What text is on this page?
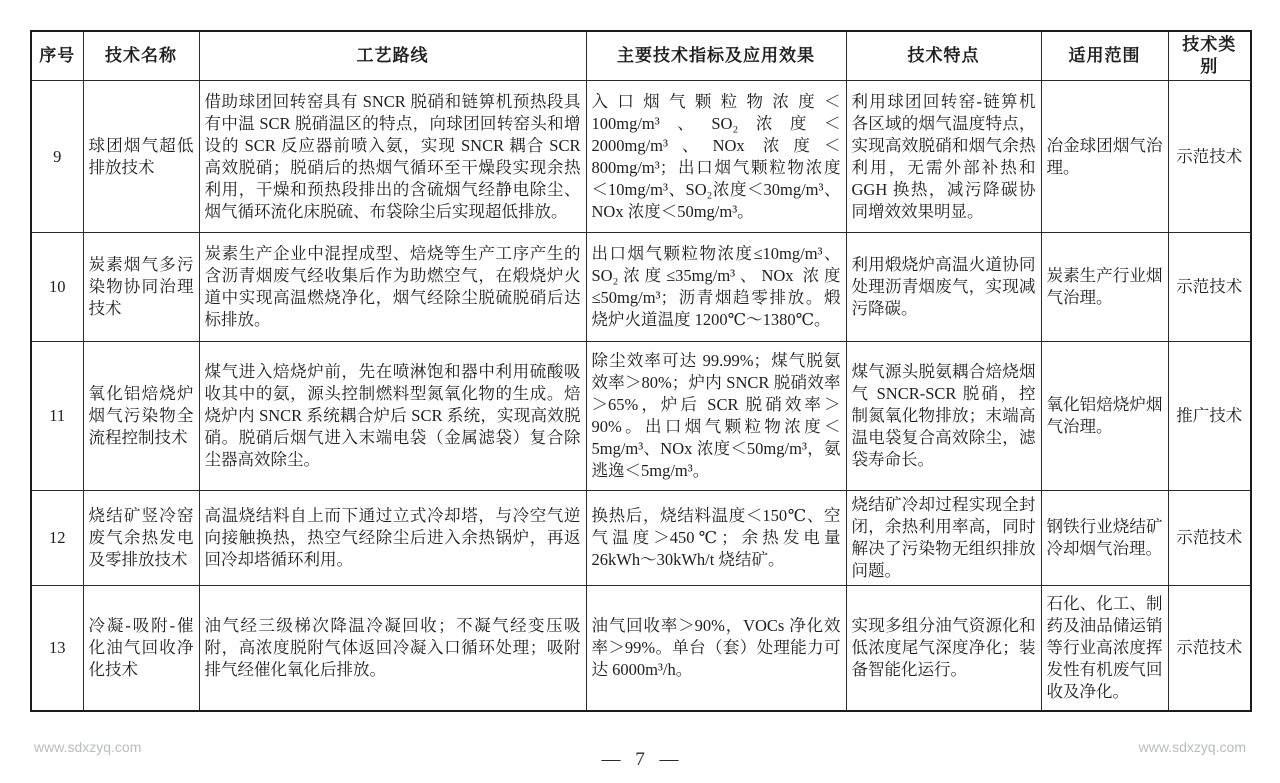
序号	技术名称	工艺路线	主要技术指标及应用效果	技术特点	适用范围	技术类别
9	球团烟气超低排放技术	借助球团回转窑具有 SNCR 脱硝和链箅机预热段具有中温 SCR 脱硝温区的特点，向球团回转窑头和增设的 SCR 反应器前喷入氨，实现 SNCR 耦合 SCR 高效脱硝；脱硝后的热烟气循环至干燥段实现余热利用，干燥和预热段排出的含硫烟气经静电除尘、烟气循环流化床脱硫、布袋除尘后实现超低排放。	入口烟气颗粒物浓度＜100mg/m³、SO₂浓度＜2000mg/m³、NOx 浓度＜800mg/m³；出口烟气颗粒物浓度＜10mg/m³、SO₂浓度＜30mg/m³、NOx 浓度＜50mg/m³。	利用球团回转窑-链箅机各区域的烟气温度特点，实现高效脱硝和烟气余热利用，无需外部补热和 GGH 换热，减污降碳协同增效效果明显。	冶金球团烟气治理。	示范技术
10	炭素烟气多污染物协同治理技术	炭素生产企业中混捏成型、焙烧等生产工序产生的含沥青烟废气经收集后作为助燃空气，在煅烧炉火道中实现高温燃烧净化，烟气经除尘脱硫脱硝后达标排放。	出口烟气颗粒物浓度≤10mg/m³、SO₂浓度≤35mg/m³、NOx 浓度≤50mg/m³；沥青烟趋零排放。煅烧炉火道温度 1200℃～1380℃。	利用煅烧炉高温火道协同处理沥青烟废气，实现减污降碳。	炭素生产行业烟气治理。	示范技术
11	氧化铝焙烧炉烟气污染物全流程控制技术	煤气进入焙烧炉前，先在喷淋饱和器中利用硫酸吸收其中的氨，源头控制燃料型氮氧化物的生成。焙烧炉内 SNCR 系统耦合炉后 SCR 系统，实现高效脱硝。脱硝后烟气进入末端电袋（金属滤袋）复合除尘器高效除尘。	除尘效率可达 99.99%；煤气脱氨效率＞80%；炉内 SNCR 脱硝效率＞65%，炉后 SCR 脱硝效率＞90%。出口烟气颗粒物浓度＜5mg/m³、NOx 浓度＜50mg/m³，氨逃逸＜5mg/m³。	煤气源头脱氨耦合焙烧烟气 SNCR-SCR 脱硝，控制氮氧化物排放；末端高温电袋复合高效除尘，滤袋寿命长。	氧化铝焙烧炉烟气治理。	推广技术
12	烧结矿竖冷窑废气余热发电及零排放技术	高温烧结料自上而下通过立式冷却塔，与冷空气逆向接触换热，热空气经除尘后进入余热锅炉，再返回冷却塔循环利用。	换热后，烧结料温度＜150℃、空气温度＞450℃；余热发电量 26kWh～30kWh/t 烧结矿。	烧结矿冷却过程实现全封闭，余热利用率高，同时解决了污染物无组织排放问题。	钢铁行业烧结矿冷却烟气治理。	示范技术
13	冷凝-吸附-催化油气回收净化技术	油气经三级梯次降温冷凝回收；不凝气经变压吸附，高浓度脱附气体返回冷凝入口循环处理；吸附排气经催化氧化后排放。	油气回收率＞90%，VOCs 净化效率＞99%。单台（套）处理能力可达 6000m³/h。	实现多组分油气资源化和低浓度尾气深度净化；装备智能化运行。	石化、化工、制药及油品储运销等行业高浓度挥发性有机废气回收及净化。	示范技术
www.sdxzyq.com
— 7 —
www.sdxzyq.com
